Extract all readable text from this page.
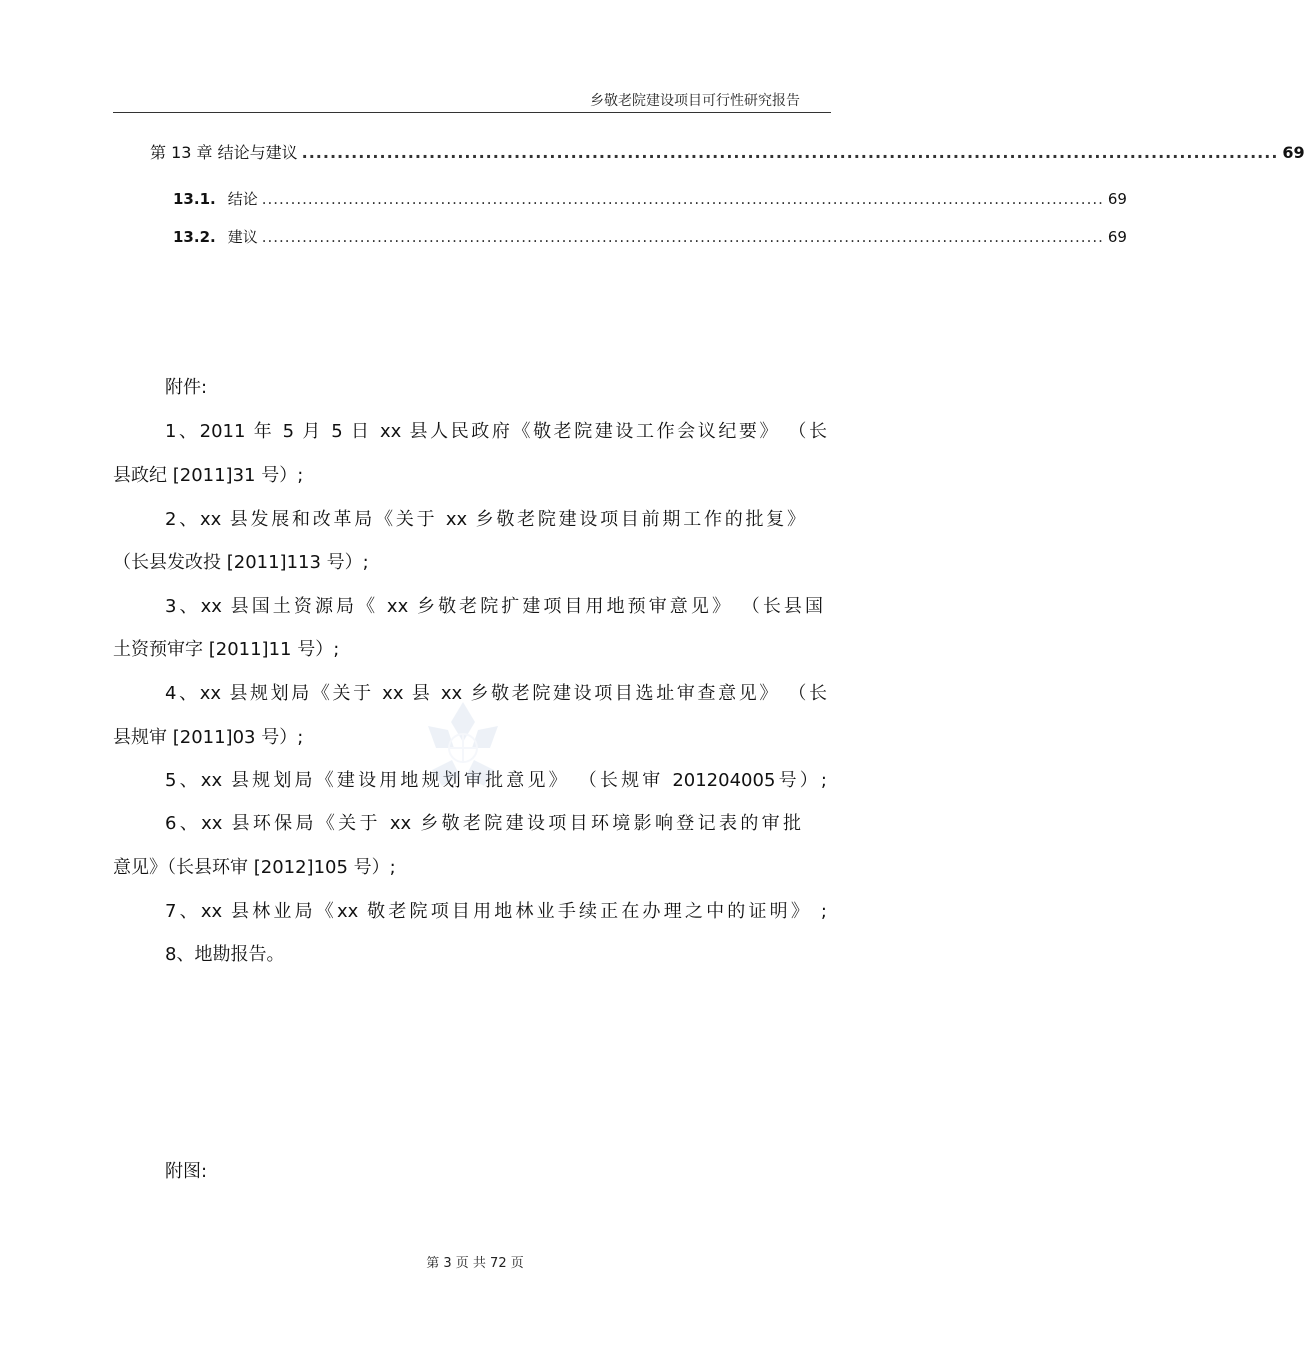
乡敬老院建设项目可行性研究报告
第 13 章 结论与建议 .......................................................................................................................................... 69
13.1. 结论 .................................................................................................................................................. 69
13.2. 建议 .................................................................................................................................................. 69
附件:
1、2011 年 5 月 5 日 xx 县人民政府《敬老院建设工作会议纪要》 （长
县政纪 [2011]31 号）;
2、xx 县发展和改革局《关于 xx 乡敬老院建设项目前期工作的批复》
（长县发改投 [2011]113 号）;
3、xx 县国土资源局《 xx 乡敬老院扩建项目用地预审意见》 （长县国
土资预审字 [2011]11 号）;
4、xx 县规划局《关于 xx 县 xx 乡敬老院建设项目选址审查意见》 （长
县规审 [2011]03 号）;
5、xx 县规划局《建设用地规划审批意见》 （长规审 201204005号）;
6、xx 县环保局《关于 xx 乡敬老院建设项目环境影响登记表的审批
意见》（长县环审 [2012]105 号）;
7、xx 县林业局《xx 敬老院项目用地林业手续正在办理之中的证明》 ;
8、地勘报告。
附图:
第 3 页 共 72 页
